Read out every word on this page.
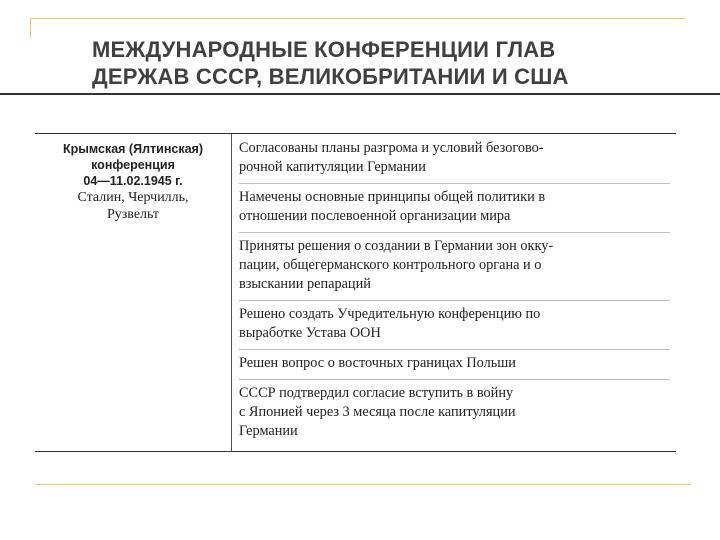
МЕЖДУНАРОДНЫЕ КОНФЕРЕНЦИИ ГЛАВ
ДЕРЖАВ СССР, ВЕЛИКОБРИТАНИИ И США
Крымская (Ялтинская)
конференция
04—11.02.1945 г.
Сталин, Черчилль,
Рузвельт
Согласованы планы разгрома и условий безогово-
рочной капитуляции Германии
Намечены основные принципы общей политики в
отношении послевоенной организации мира
Приняты решения о создании в Германии зон окку-
пации, общегерманского контрольного органа и о
взыскании репараций
Решено создать Учредительную конференцию по
выработке Устава ООН
Решен вопрос о восточных границах Польши
СССР подтвердил согласие вступить в войну
с Японией через 3 месяца после капитуляции
Германии
